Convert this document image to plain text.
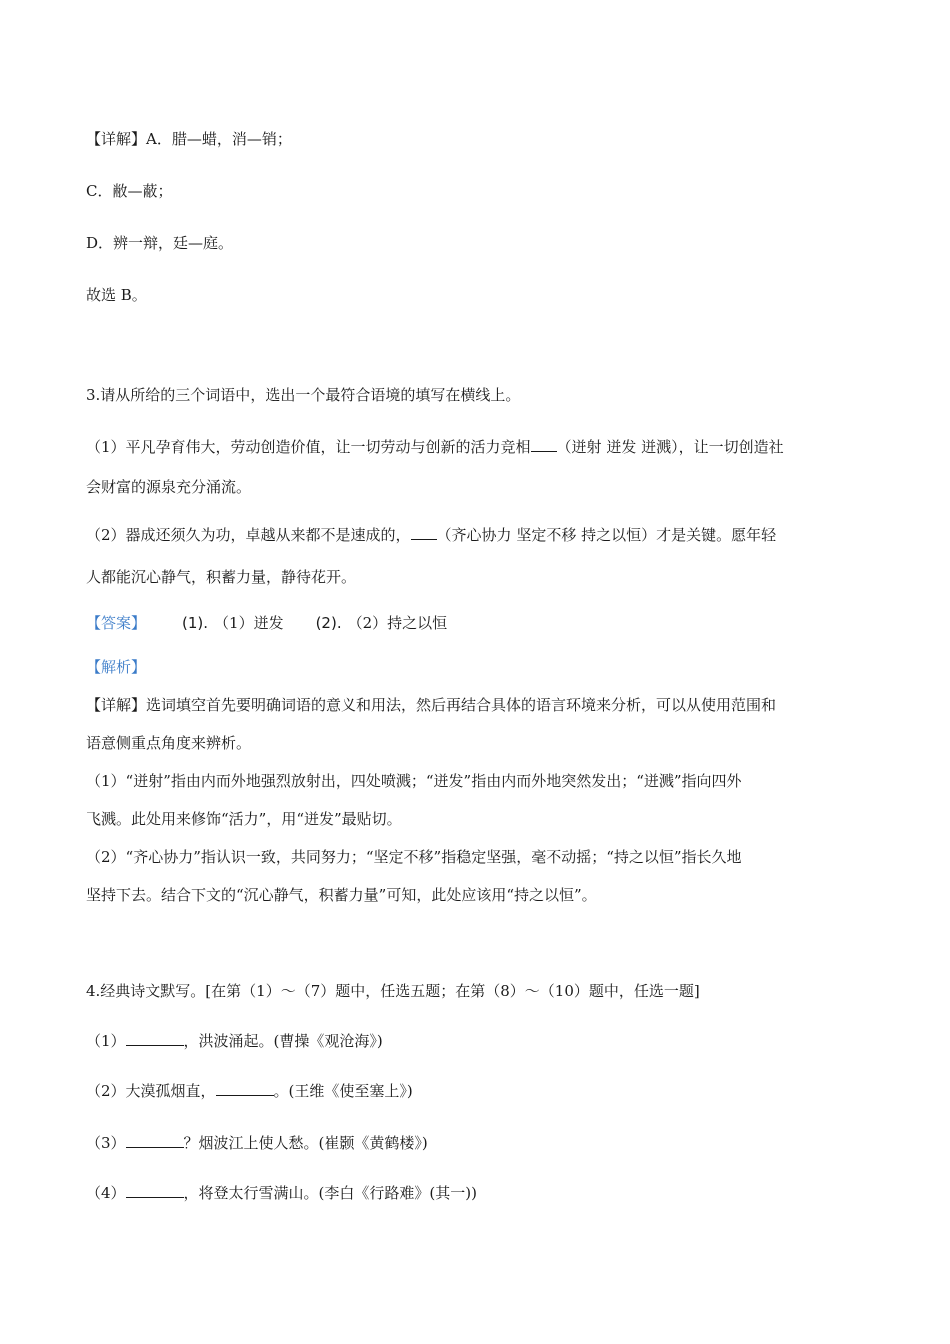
【详解】A．腊—蜡，消—销；
C．敝—蔽；
D．辨一辩，廷—庭。
故选 B。
3.请从所给的三个词语中，选出一个最符合语境的填写在横线上。
（1）平凡孕育伟大，劳动创造价值，让一切劳动与创新的活力竞相 （迸射 迸发 迸溅），让一切创造社
会财富的源泉充分涌流。
（2）器成还须久为功，卓越从来都不是速成的， （齐心协力 坚定不移 持之以恒）才是关键。愿年轻
人都能沉心静气，积蓄力量，静待花开。
【答案】 (1). （1）迸发 (2). （2）持之以恒
【解析】
【详解】选词填空首先要明确词语的意义和用法，然后再结合具体的语言环境来分析，可以从使用范围和
语意侧重点角度来辨析。
（1）“迸射”指由内而外地强烈放射出，四处喷溅；“迸发”指由内而外地突然发出；“迸溅”指向四外
飞溅。此处用来修饰“活力”，用“迸发”最贴切。
（2）“齐心协力”指认识一致，共同努力；“坚定不移”指稳定坚强，毫不动摇；“持之以恒”指长久地
坚持下去。结合下文的“沉心静气，积蓄力量”可知，此处应该用“持之以恒”。
4.经典诗文默写。[在第（1）～（7）题中，任选五题；在第（8）～（10）题中，任选一题]
（1）	，洪波涌起。(曹操《观沧海》)
（2）大漠孤烟直，	。(王维《使至塞上》)
（3）	？烟波江上使人愁。(崔颢《黄鹤楼》)
（4）	，将登太行雪满山。(李白《行路难》(其一))
